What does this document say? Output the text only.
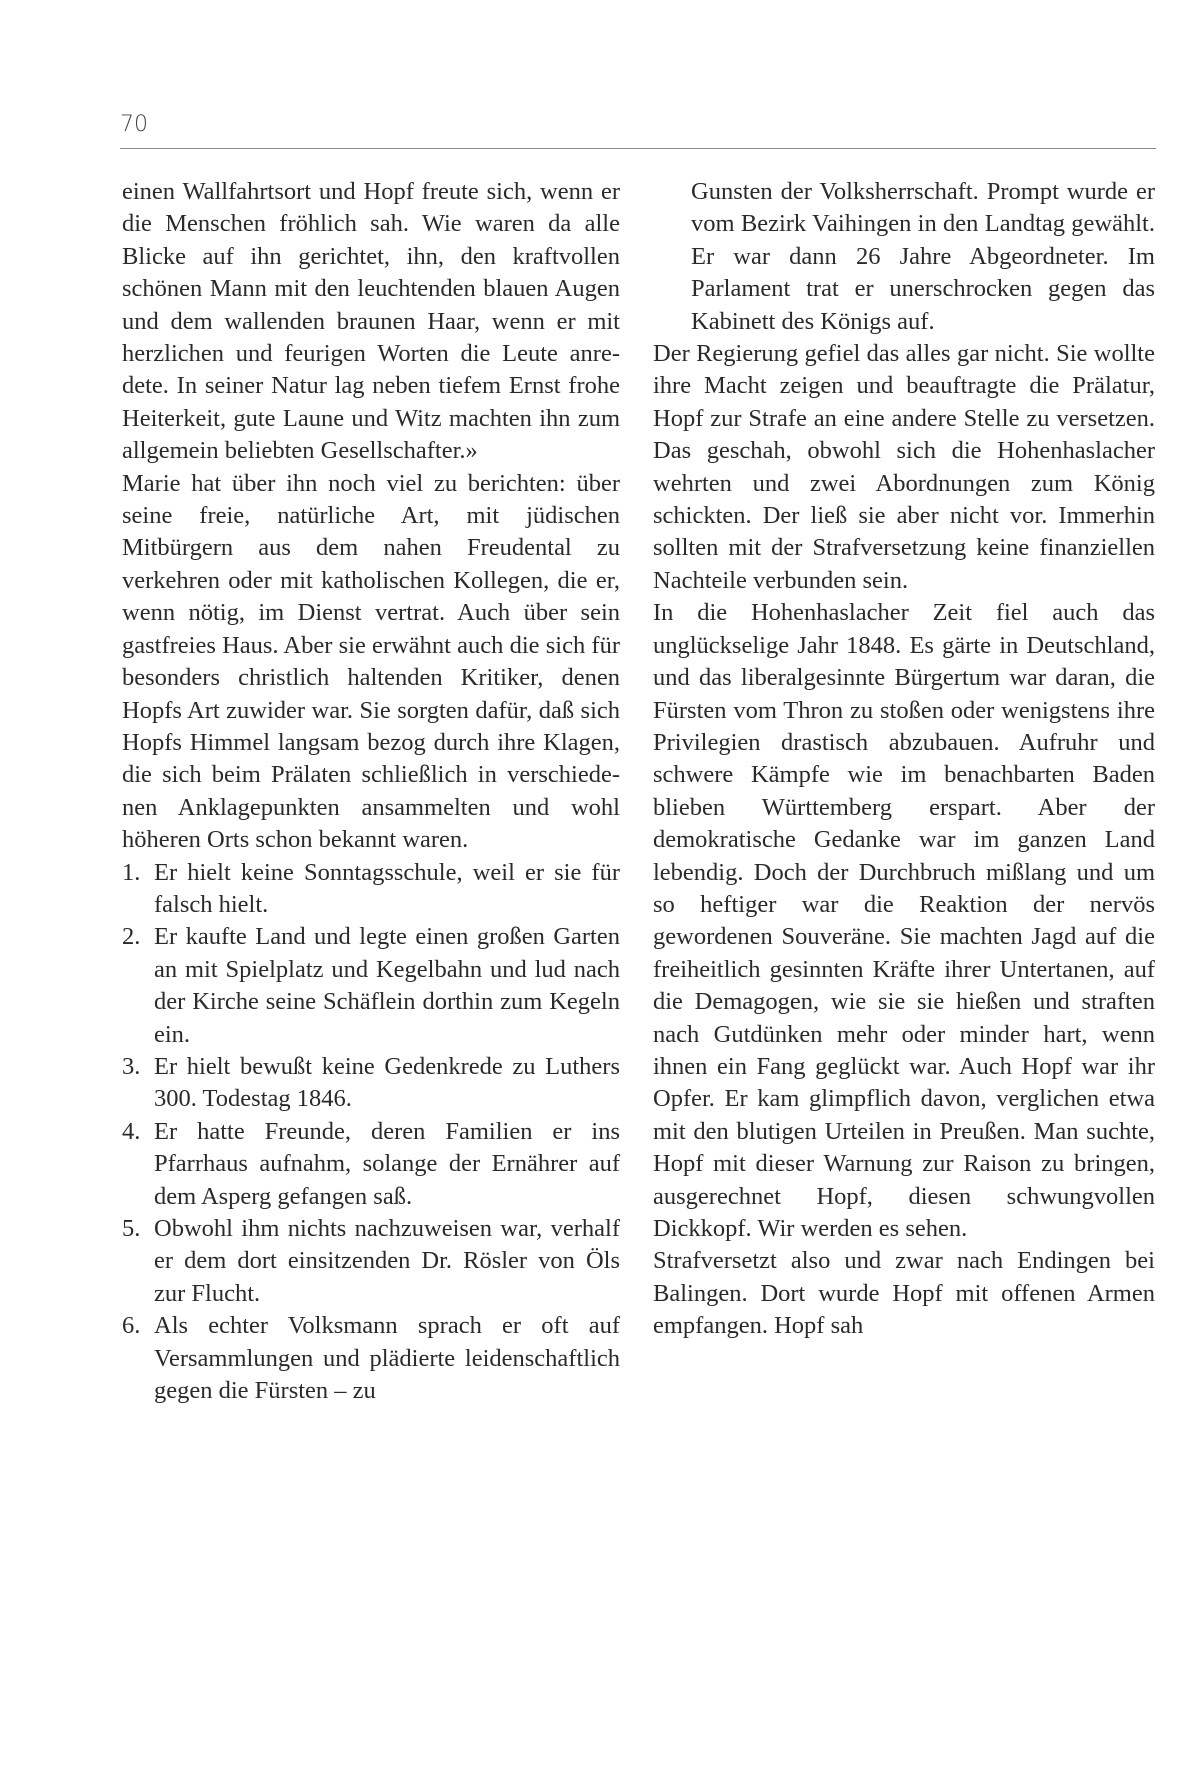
70

einen Wallfahrtsort und Hopf freute sich, wenn er die Menschen fröhlich sah. Wie waren da alle Blicke auf ihn gerichtet, ihn, den kraftvollen schönen Mann mit den leuchtenden blauen Augen und dem wallenden braunen Haar, wenn er mit herzlichen und feurigen Worten die Leute anredete. In seiner Natur lag neben tiefem Ernst frohe Heiterkeit, gute Laune und Witz machten ihn zum allgemein beliebten Gesellschafter.»

Marie hat über ihn noch viel zu berichten: über seine freie, natürliche Art, mit jüdischen Mitbürgern aus dem nahen Freudental zu verkehren oder mit katholischen Kollegen, die er, wenn nötig, im Dienst vertrat. Auch über sein gastfreies Haus. Aber sie erwähnt auch die sich für besonders christlich haltenden Kritiker, denen Hopfs Art zuwider war. Sie sorgten dafür, daß sich Hopfs Himmel langsam bezog durch ihre Klagen, die sich beim Prälaten schließlich in verschiedenen Anklagepunkten ansammelten und wohl höheren Orts schon bekannt waren.

1. Er hielt keine Sonntagsschule, weil er sie für falsch hielt.
2. Er kaufte Land und legte einen großen Garten an mit Spielplatz und Kegelbahn und lud nach der Kirche seine Schäflein dorthin zum Kegeln ein.
3. Er hielt bewußt keine Gedenkrede zu Luthers 300. Todestag 1846.
4. Er hatte Freunde, deren Familien er ins Pfarrhaus aufnahm, solange der Ernährer auf dem Asperg gefangen saß.
5. Obwohl ihm nichts nachzuweisen war, verhalf er dem dort einsitzenden Dr. Rösler von Öls zur Flucht.
6. Als echter Volksmann sprach er oft auf Versammlungen und plädierte leidenschaftlich gegen die Fürsten – zu

Gunsten der Volksherrschaft. Prompt wurde er vom Bezirk Vaihingen in den Landtag gewählt. Er war dann 26 Jahre Abgeordneter. Im Parlament trat er unerschrocken gegen das Kabinett des Königs auf.

Der Regierung gefiel das alles gar nicht. Sie wollte ihre Macht zeigen und beauftragte die Prälatur, Hopf zur Strafe an eine andere Stelle zu versetzen. Das geschah, obwohl sich die Hohenhaslacher wehrten und zwei Abordnungen zum König schickten. Der ließ sie aber nicht vor. Immerhin sollten mit der Strafversetzung keine finanziellen Nachteile verbunden sein.

In die Hohenhaslacher Zeit fiel auch das unglückselige Jahr 1848. Es gärte in Deutschland, und das liberalgesinnte Bürgertum war daran, die Fürsten vom Thron zu stoßen oder wenigstens ihre Privilegien drastisch abzubauen. Aufruhr und schwere Kämpfe wie im benachbarten Baden blieben Württemberg erspart. Aber der demokratische Gedanke war im ganzen Land lebendig. Doch der Durchbruch mißlang und um so heftiger war die Reaktion der nervös gewordenen Souveräne. Sie machten Jagd auf die freiheitlich gesinnten Kräfte ihrer Untertanen, auf die Demagogen, wie sie sie hießen und straften nach Gutdünken mehr oder minder hart, wenn ihnen ein Fang geglückt war. Auch Hopf war ihr Opfer. Er kam glimpflich davon, verglichen etwa mit den blutigen Urteilen in Preußen. Man suchte, Hopf mit dieser Warnung zur Raison zu bringen, ausgerechnet Hopf, diesen schwungvollen Dickkopf. Wir werden es sehen.

Strafversetzt also und zwar nach Endingen bei Balingen. Dort wurde Hopf mit offenen Armen empfangen. Hopf sah
